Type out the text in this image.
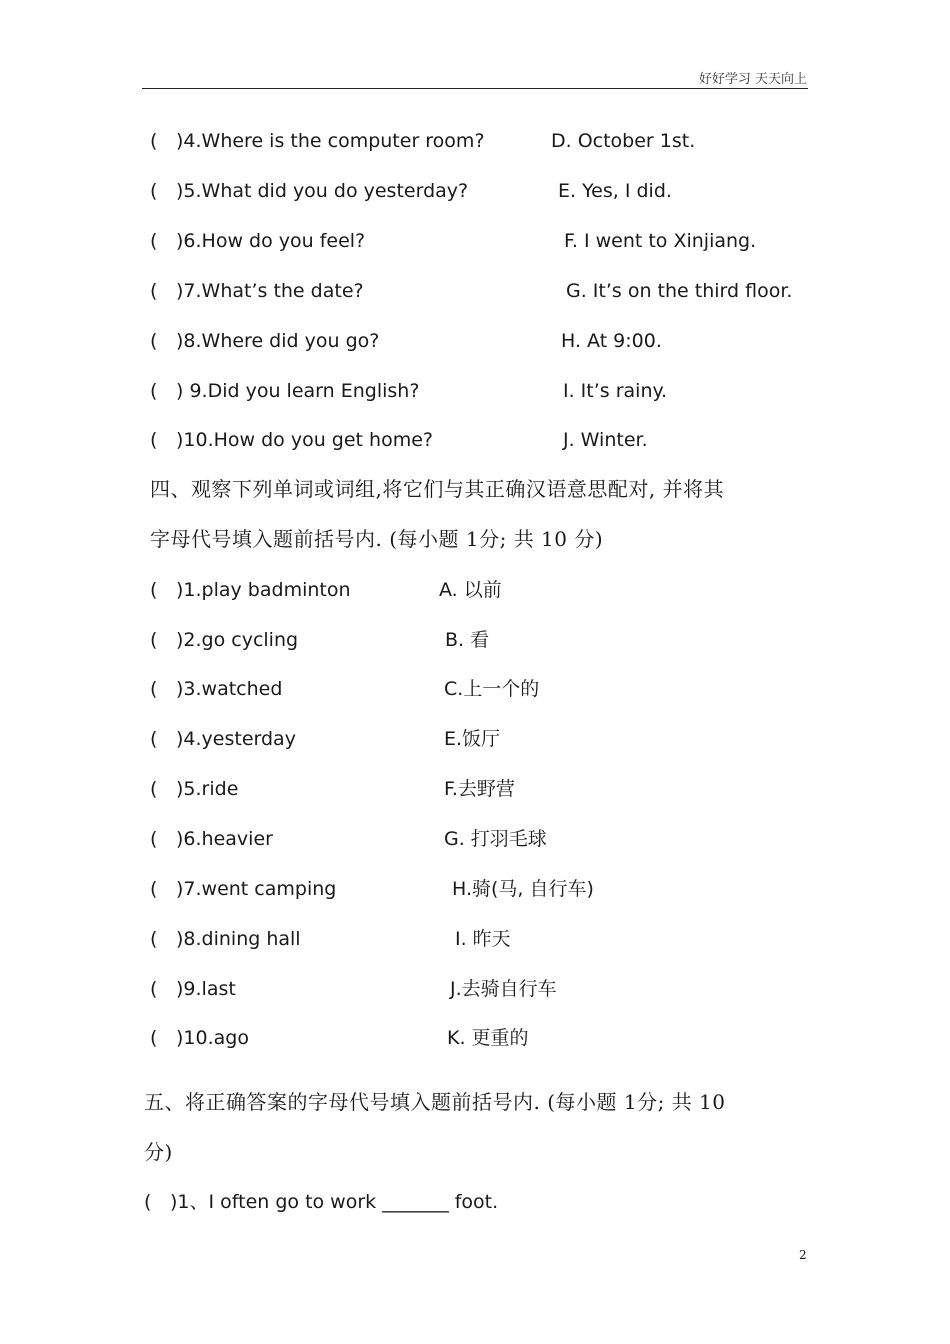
好好学习 天天向上
( )4.Where is the computer room?	D. October 1st.
( )5.What did you do yesterday?	E. Yes, I did.
( )6.How do you feel?	F. I went to Xinjiang.
( )7.What’s the date?	G. It’s on the third floor.
( )8.Where did you go?	H. At 9:00.
( ) 9.Did you learn English?	I. It’s rainy.
( )10.How do you get home?	J. Winter.
四、观察下列单词或词组,将它们与其正确汉语意思配对, 并将其
字母代号填入题前括号内. (每小题 1分; 共 10 分)
( )1.play badminton	A. 以前
( )2.go cycling	B. 看
( )3.watched	C.上一个的
( )4.yesterday	E.饭厅
( )5.ride	F.去野营
( )6.heavier	G. 打羽毛球
( )7.went camping	H.骑(马, 自行车)
( )8.dining hall	I. 昨天
( )9.last	J.去骑自行车
( )10.ago	K. 更重的
五、将正确答案的字母代号填入题前括号内. (每小题 1分; 共 10
分)
( )1、I often go to work _______ foot.
2
